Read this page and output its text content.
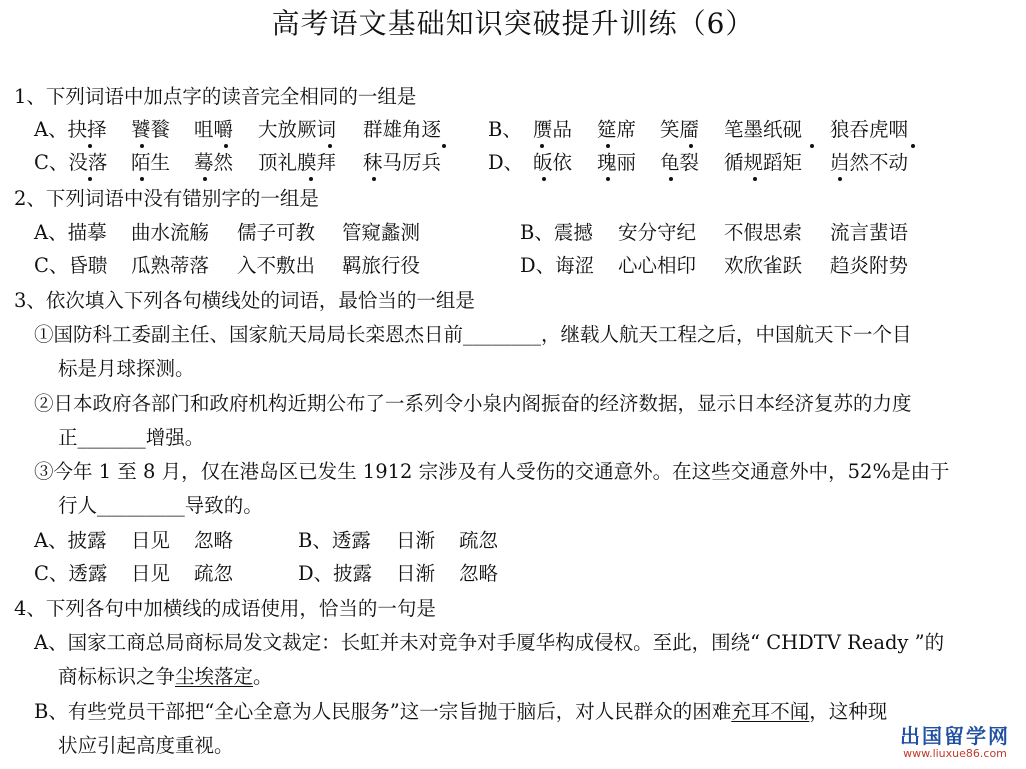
高考语文基础知识突破提升训练（6）
1、下列词语中加点字的读音完全相同的一组是
A、抉择 饕餮 咀嚼 大放厥词 群雄角逐 B、 赝品 筵席 笑靥 笔墨纸砚 狼吞虎咽
C、没落 陌生 蓦然 顶礼膜拜 秣马厉兵 D、 皈依 瑰丽 龟裂 循规蹈矩 岿然不动
2、下列词语中没有错别字的一组是
A、描摹 曲水流觞 儒子可教 管窥蠡测	B、震撼 安分守纪 不假思索 流言蜚语
C、昏聩 瓜熟蒂落 入不敷出 羁旅行役	D、诲涩 心心相印 欢欣雀跃 趋炎附势
3、依次填入下列各句横线处的词语，最恰当的一组是
①国防科工委副主任、国家航天局局长栾恩杰日前________，继载人航天工程之后，中国航天下一个目
标是月球探测。
②日本政府各部门和政府机构近期公布了一系列令小泉内阁振奋的经济数据，显示日本经济复苏的力度
正_______增强。
③今年 1 至 8 月，仅在港岛区已发生 1912 宗涉及有人受伤的交通意外。在这些交通意外中，52%是由于
行人_________导致的。
A、披露 日见 忽略	B、透露 日渐 疏忽
C、透露 日见 疏忽	D、披露 日渐 忽略
4、下列各句中加横线的成语使用，恰当的一句是
A、国家工商总局商标局发文裁定：长虹并未对竞争对手厦华构成侵权。至此，围绕“ CHDTV Ready ”的
商标标识之争尘埃落定。
B、有些党员干部把“全心全意为人民服务”这一宗旨抛于脑后，对人民群众的困难充耳不闻，这种现
状应引起高度重视。	出国留学网
www.liuxue86.com
